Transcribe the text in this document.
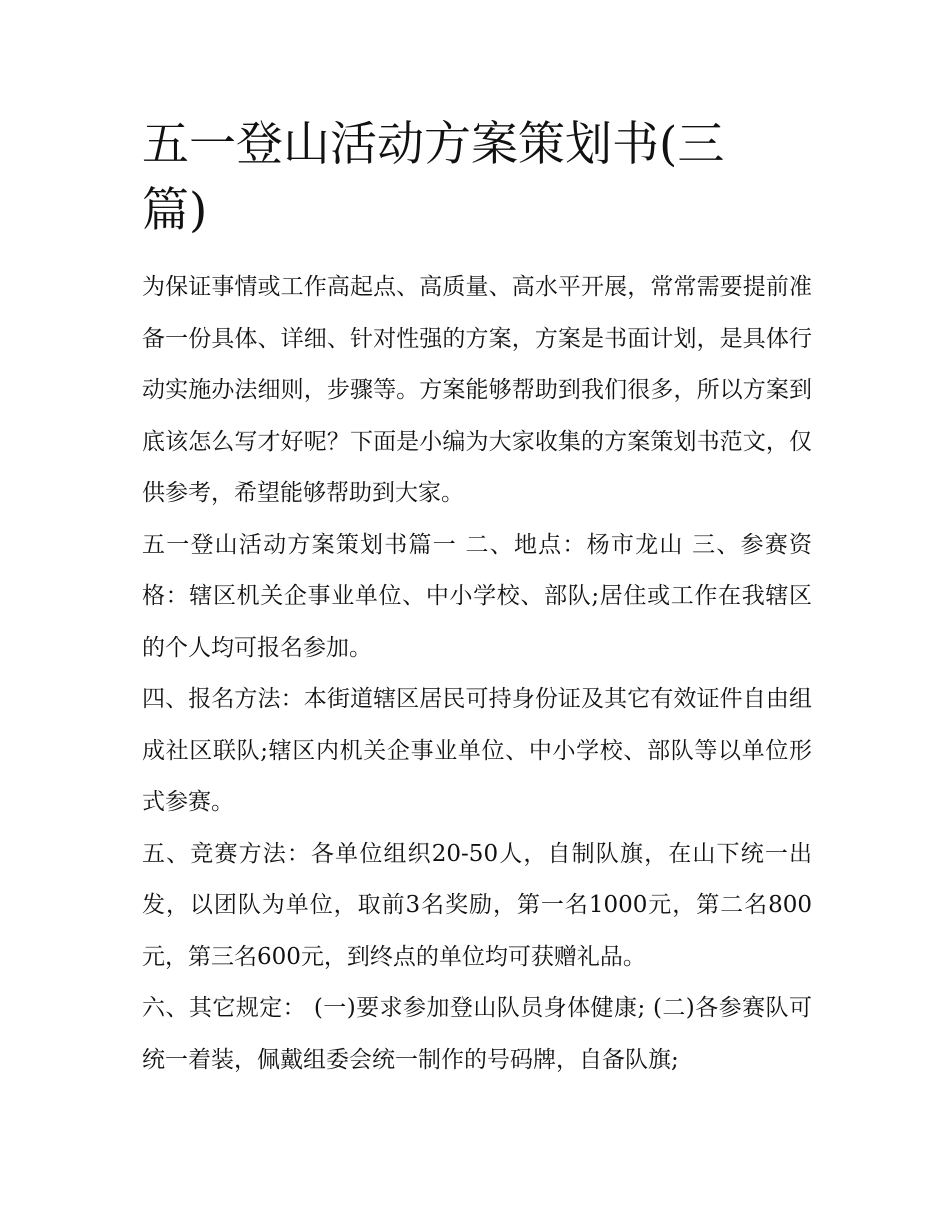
五一登山活动方案策划书(三篇)

为保证事情或工作高起点、高质量、高水平开展，常常需要提前准备一份具体、详细、针对性强的方案，方案是书面计划，是具体行动实施办法细则，步骤等。方案能够帮助到我们很多，所以方案到底该怎么写才好呢？下面是小编为大家收集的方案策划书范文，仅供参考，希望能够帮助到大家。

五一登山活动方案策划书篇一 二、地点：杨市龙山 三、参赛资格：辖区机关企事业单位、中小学校、部队;居住或工作在我辖区的个人均可报名参加。

四、报名方法：本街道辖区居民可持身份证及其它有效证件自由组成社区联队;辖区内机关企事业单位、中小学校、部队等以单位形式参赛。

五、竞赛方法：各单位组织20-50人，自制队旗，在山下统一出发，以团队为单位，取前3名奖励，第一名1000元，第二名800元，第三名600元，到终点的单位均可获赠礼品。

六、其它规定： (一)要求参加登山队员身体健康; (二)各参赛队可统一着装，佩戴组委会统一制作的号码牌，自备队旗;
